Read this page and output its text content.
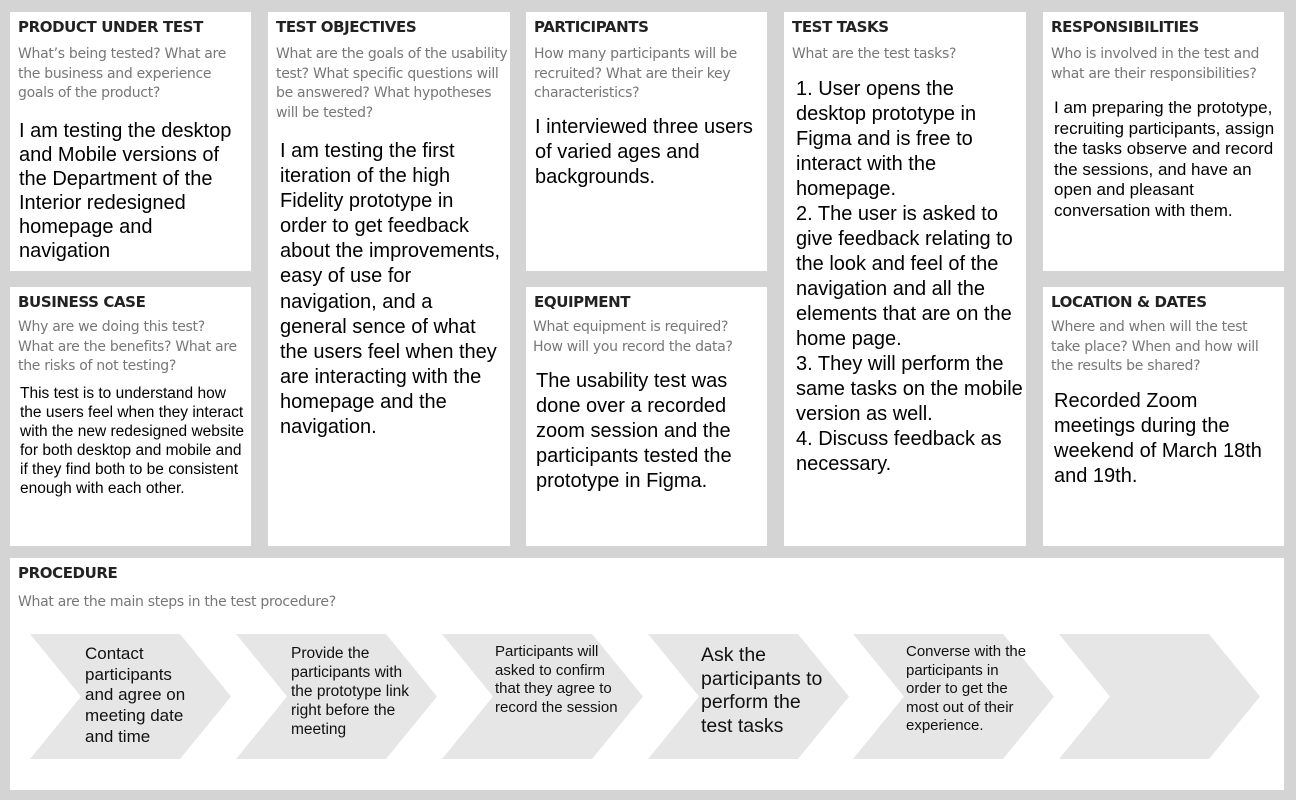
PRODUCT UNDER TEST
What’s being tested? What are the business and experience goals of the product?
I am testing the desktop and Mobile versions of the Department of the Interior redesigned homepage and navigation
TEST OBJECTIVES
What are the goals of the usability test? What specific questions will be answered? What hypotheses will be tested?
I am testing the first iteration of the high Fidelity prototype in order to get feedback about the improvements, easy of use for navigation, and a general sence of what the users feel when they are interacting with the homepage and the navigation.
PARTICIPANTS
How many participants will be recruited? What are their key characteristics?
I interviewed three users of varied ages and backgrounds.
TEST TASKS
What are the test tasks?
1. User opens the desktop prototype in Figma and is free to interact with the homepage.
2. The user is asked to give feedback relating to the look and feel of the navigation and all the elements that are on the home page.
3. They will perform the same tasks on the mobile version as well.
4. Discuss feedback as necessary.
RESPONSIBILITIES
Who is involved in the test and what are their responsibilities?
I am preparing the prototype, recruiting participants, assign the tasks observe and record the sessions, and have an open and pleasant conversation with them.
BUSINESS CASE
Why are we doing this test? What are the benefits? What are the risks of not testing?
This test is to understand how the users feel when they interact with the new redesigned website for both desktop and mobile and if they find both to be consistent enough with each other.
EQUIPMENT
What equipment is required? How will you record the data?
The usability test was done over a recorded zoom session and the participants tested the prototype in Figma.
LOCATION & DATES
Where and when will the test take place? When and how will the results be shared?
Recorded Zoom meetings during the weekend of March 18th and 19th.
PROCEDURE
What are the main steps in the test procedure?
Contact participants and agree on meeting date and time
Provide the participants with the prototype link right before the meeting
Participants will asked to confirm that they agree to record the session
Ask the participants to perform the test tasks
Converse with the participants in order to get the most out of their experience.
